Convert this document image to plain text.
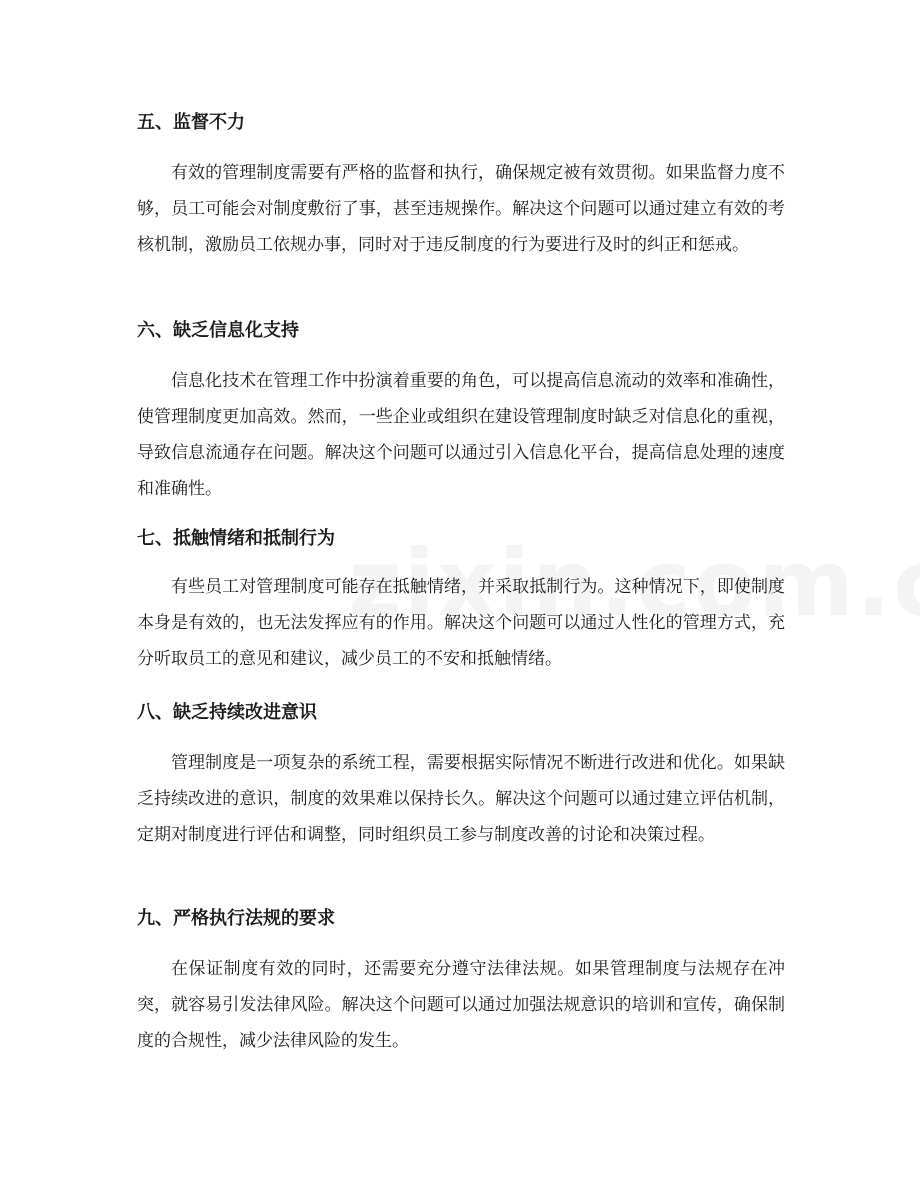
五、监督不力

有效的管理制度需要有严格的监督和执行，确保规定被有效贯彻。如果监督力度不够，员工可能会对制度敷衍了事，甚至违规操作。解决这个问题可以通过建立有效的考核机制，激励员工依规办事，同时对于违反制度的行为要进行及时的纠正和惩戒。

六、缺乏信息化支持

信息化技术在管理工作中扮演着重要的角色，可以提高信息流动的效率和准确性，使管理制度更加高效。然而，一些企业或组织在建设管理制度时缺乏对信息化的重视，导致信息流通存在问题。解决这个问题可以通过引入信息化平台，提高信息处理的速度和准确性。

七、抵触情绪和抵制行为

有些员工对管理制度可能存在抵触情绪，并采取抵制行为。这种情况下，即使制度本身是有效的，也无法发挥应有的作用。解决这个问题可以通过人性化的管理方式，充分听取员工的意见和建议，减少员工的不安和抵触情绪。

八、缺乏持续改进意识

管理制度是一项复杂的系统工程，需要根据实际情况不断进行改进和优化。如果缺乏持续改进的意识，制度的效果难以保持长久。解决这个问题可以通过建立评估机制，定期对制度进行评估和调整，同时组织员工参与制度改善的讨论和决策过程。

九、严格执行法规的要求

在保证制度有效的同时，还需要充分遵守法律法规。如果管理制度与法规存在冲突，就容易引发法律风险。解决这个问题可以通过加强法规意识的培训和宣传，确保制度的合规性，减少法律风险的发生。
